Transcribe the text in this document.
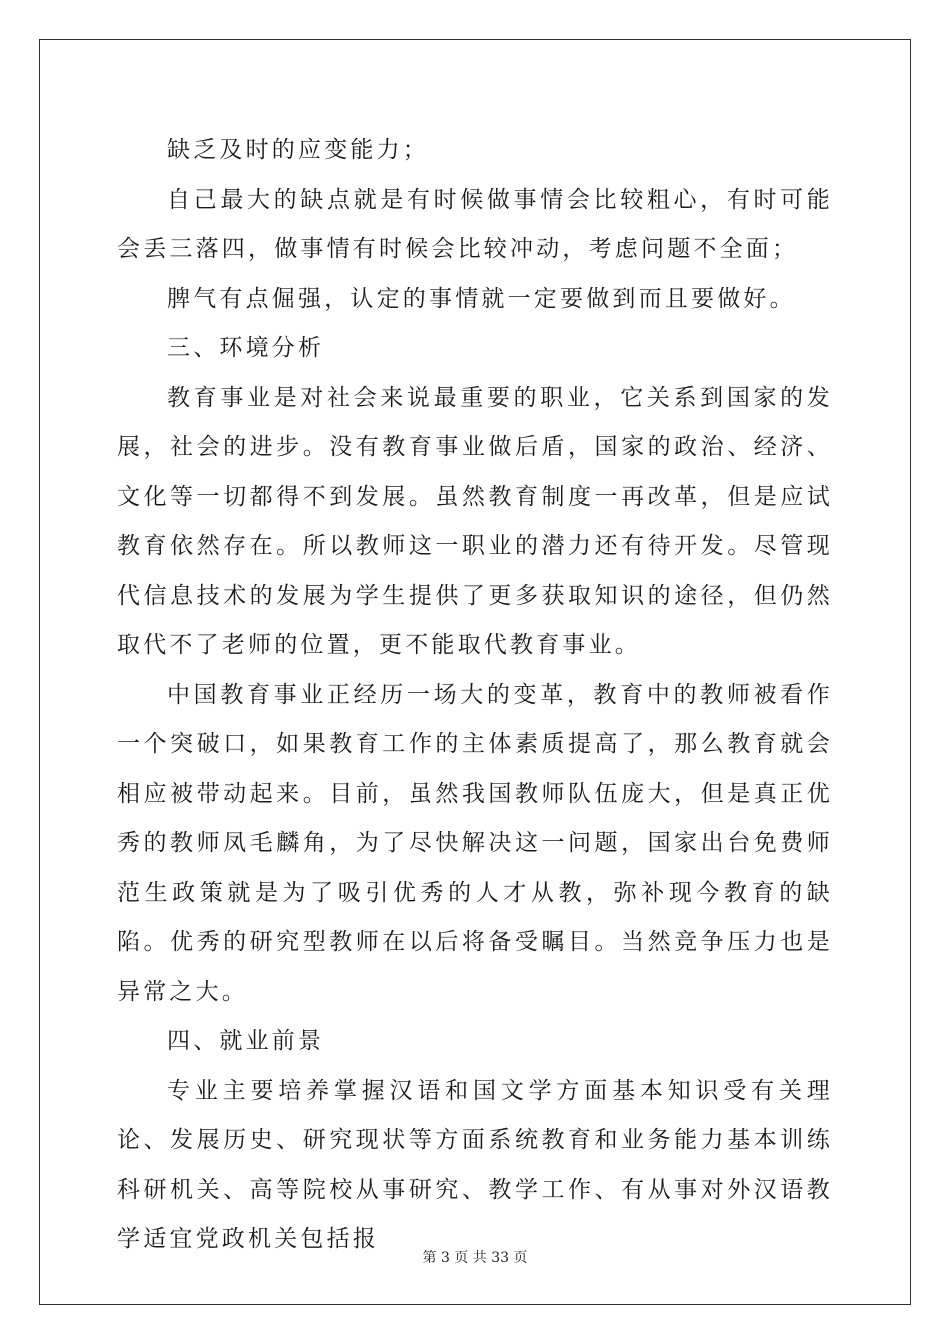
缺乏及时的应变能力；

自己最大的缺点就是有时候做事情会比较粗心，有时可能会丢三落四，做事情有时候会比较冲动，考虑问题不全面；

脾气有点倔强，认定的事情就一定要做到而且要做好。

三、环境分析

教育事业是对社会来说最重要的职业，它关系到国家的发展，社会的进步。没有教育事业做后盾，国家的政治、经济、文化等一切都得不到发展。虽然教育制度一再改革，但是应试教育依然存在。所以教师这一职业的潜力还有待开发。尽管现代信息技术的发展为学生提供了更多获取知识的途径，但仍然取代不了老师的位置，更不能取代教育事业。

中国教育事业正经历一场大的变革，教育中的教师被看作一个突破口，如果教育工作的主体素质提高了，那么教育就会相应被带动起来。目前，虽然我国教师队伍庞大，但是真正优秀的教师凤毛麟角，为了尽快解决这一问题，国家出台免费师范生政策就是为了吸引优秀的人才从教，弥补现今教育的缺陷。优秀的研究型教师在以后将备受瞩目。当然竞争压力也是异常之大。

四、就业前景

专业主要培养掌握汉语和国文学方面基本知识受有关理论、发展历史、研究现状等方面系统教育和业务能力基本训练科研机关、高等院校从事研究、教学工作、有从事对外汉语教学适宜党政机关包括报

第 3 页 共 33 页
